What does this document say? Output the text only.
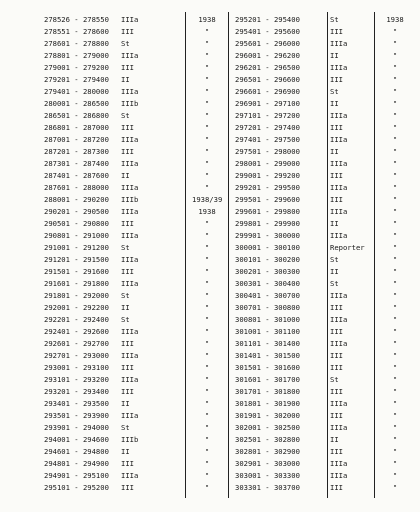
278526 - 278550	IIIa	1938	295201 - 295400	St	1938
278551 - 278600	III	"	295401 - 295600	III	"
278601 - 278800	St	"	295601 - 296000	IIIa	"
278801 - 279000	IIIa	"	296001 - 296200	II	"
279001 - 279200	III	"	296201 - 296500	IIIa	"
279201 - 279400	II	"	296501 - 296600	III	"
279401 - 280000	IIIa	"	296601 - 296900	St	"
280001 - 286500	IIIb	"	296901 - 297100	II	"
286501 - 286800	St	"	297101 - 297200	IIIa	"
286801 - 287000	III	"	297201 - 297400	III	"
287001 - 287200	IIIa	"	297401 - 297500	IIIa	"
287201 - 287300	III	"	297501 - 298000	II	"
287301 - 287400	IIIa	"	298001 - 299000	IIIa	"
287401 - 287600	II	"	299001 - 299200	III	"
287601 - 288000	IIIa	"	299201 - 299500	IIIa	"
288001 - 290200	IIIb	1938/39 299501 - 299600	III	"
290201 - 290500	IIIa	1938	299601 - 299800	IIIa	"
290501 - 290800	III	"	299801 - 299900	II	"
290801 - 291000	IIIa	"	299901 - 300000	IIIa	"
291001 - 291200	St	"	300001 - 300100	Reporter	"
291201 - 291500	IIIa	"	300101 - 300200	St	"
291501 - 291600	III	"	300201 - 300300	II	"
291601 - 291800	IIIa	"	300301 - 300400	St	"
291801 - 292000	St	"	300401 - 300700	IIIa	"
292001 - 292200	II	"	300701 - 300800	III	"
292201 - 292400	St	"	300801 - 301000	IIIa	"
292401 - 292600	IIIa	"	301001 - 301100	III	"
292601 - 292700	III	"	301101 - 301400	IIIa	"
292701 - 293000	IIIa	"	301401 - 301500	III	"
293001 - 293100	III	"	301501 - 301600	III	"
293101 - 293200	IIIa	"	301601 - 301700	St	"
293201 - 293400	III	"	301701 - 301800	III	"
293401 - 293500	II	"	301801 - 301900	IIIa	"
293501 - 293900	IIIa	"	301901 - 302000	III	"
293901 - 294000	St	"	302001 - 302500	IIIa	"
294001 - 294600	IIIb	"	302501 - 302800	II	"
294601 - 294800	II	"	302801 - 302900	III	"
294801 - 294900	III	"	302901 - 303000	IIIa	"
294901 - 295100	IIIa	"	303001 - 303300	IIIa	"
295101 - 295200	III	"	303301 - 303700	III	"
